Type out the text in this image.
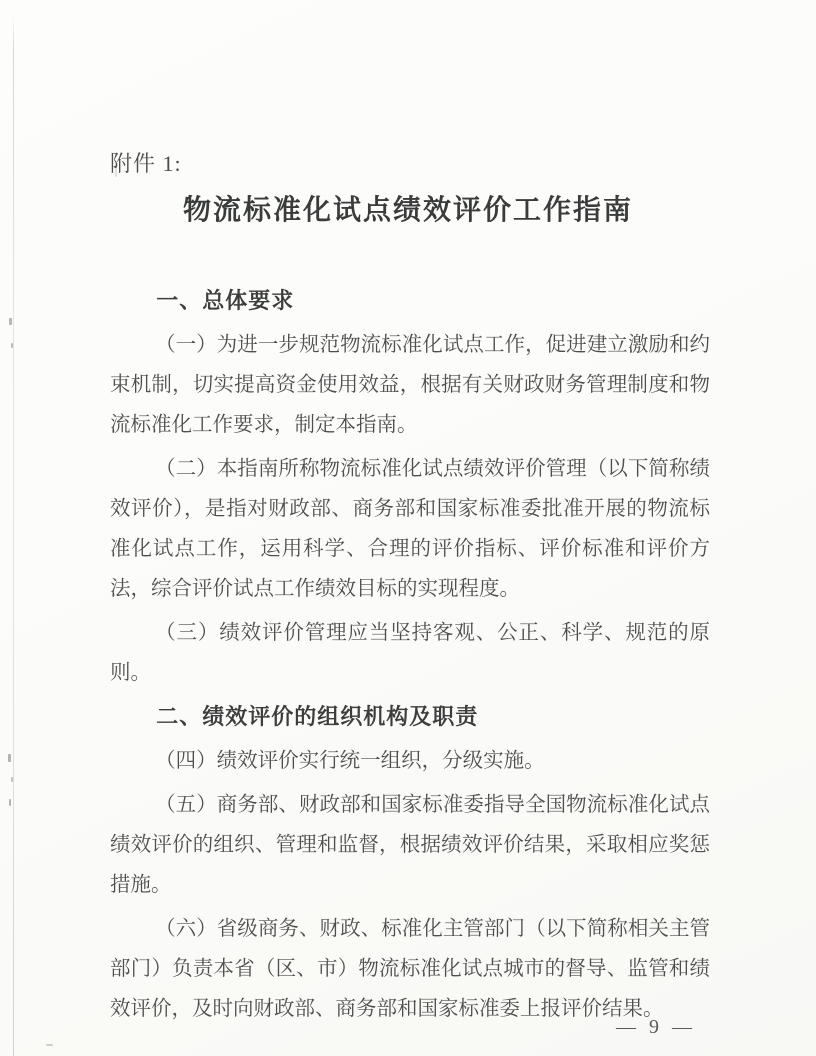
附件 1:
物流标准化试点绩效评价工作指南
一、总体要求
（一）为进一步规范物流标准化试点工作，促进建立激励和约束机制，切实提高资金使用效益，根据有关财政财务管理制度和物流标准化工作要求，制定本指南。
（二）本指南所称物流标准化试点绩效评价管理（以下简称绩效评价），是指对财政部、商务部和国家标准委批准开展的物流标准化试点工作，运用科学、合理的评价指标、评价标准和评价方法，综合评价试点工作绩效目标的实现程度。
（三）绩效评价管理应当坚持客观、公正、科学、规范的原则。
二、绩效评价的组织机构及职责
（四）绩效评价实行统一组织，分级实施。
（五）商务部、财政部和国家标准委指导全国物流标准化试点绩效评价的组织、管理和监督，根据绩效评价结果，采取相应奖惩措施。
（六）省级商务、财政、标准化主管部门（以下简称相关主管部门）负责本省（区、市）物流标准化试点城市的督导、监管和绩效评价，及时向财政部、商务部和国家标准委上报评价结果。
— 9 —
